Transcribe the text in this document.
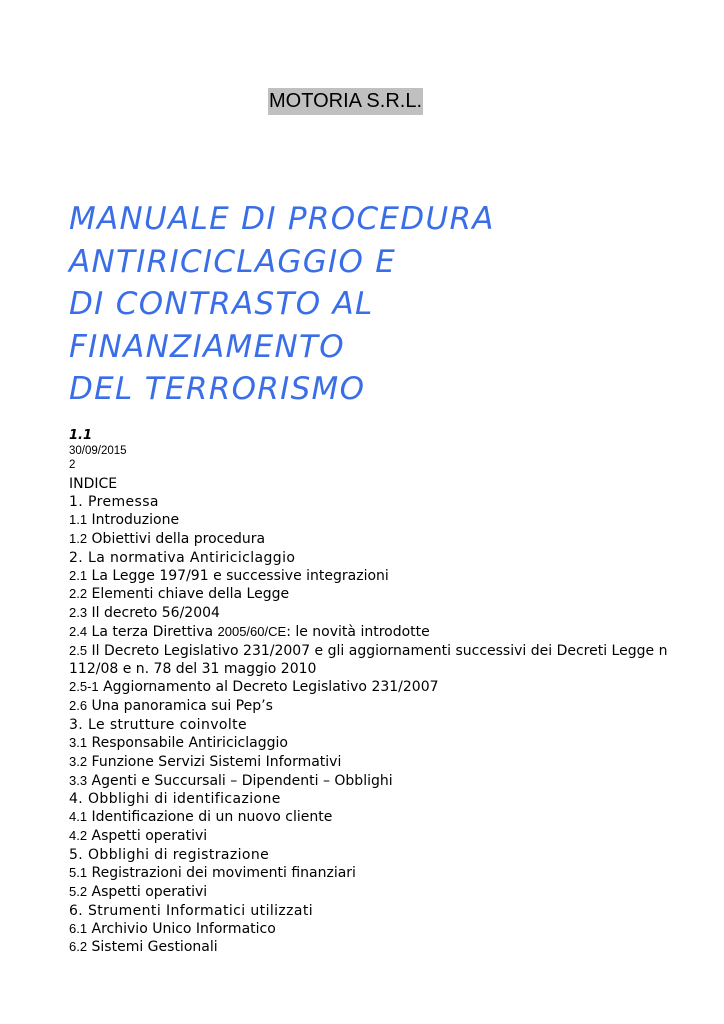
MOTORIA S.R.L.
MANUALE DI PROCEDURA
ANTIRICICLAGGIO E
DI CONTRASTO AL
FINANZIAMENTO
DEL TERRORISMO
1.1
30/09/2015
2
INDICE
1. Premessa
1.1 Introduzione
1.2 Obiettivi della procedura
2. La normativa Antiriciclaggio
2.1 La Legge 197/91 e successive integrazioni
2.2 Elementi chiave della Legge
2.3 Il decreto 56/2004
2.4 La terza Direttiva 2005/60/CE: le novità introdotte
2.5 Il Decreto Legislativo 231/2007 e gli aggiornamenti successivi dei Decreti Legge n 112/08 e n. 78 del 31 maggio 2010
2.5-1 Aggiornamento al Decreto Legislativo 231/2007
2.6 Una panoramica sui Pep’s
3. Le strutture coinvolte
3.1 Responsabile Antiriciclaggio
3.2 Funzione Servizi Sistemi Informativi
3.3 Agenti e Succursali – Dipendenti – Obblighi
4. Obblighi di identificazione
4.1 Identificazione di un nuovo cliente
4.2 Aspetti operativi
5. Obblighi di registrazione
5.1 Registrazioni dei movimenti finanziari
5.2 Aspetti operativi
6. Strumenti Informatici utilizzati
6.1 Archivio Unico Informatico
6.2 Sistemi Gestionali
